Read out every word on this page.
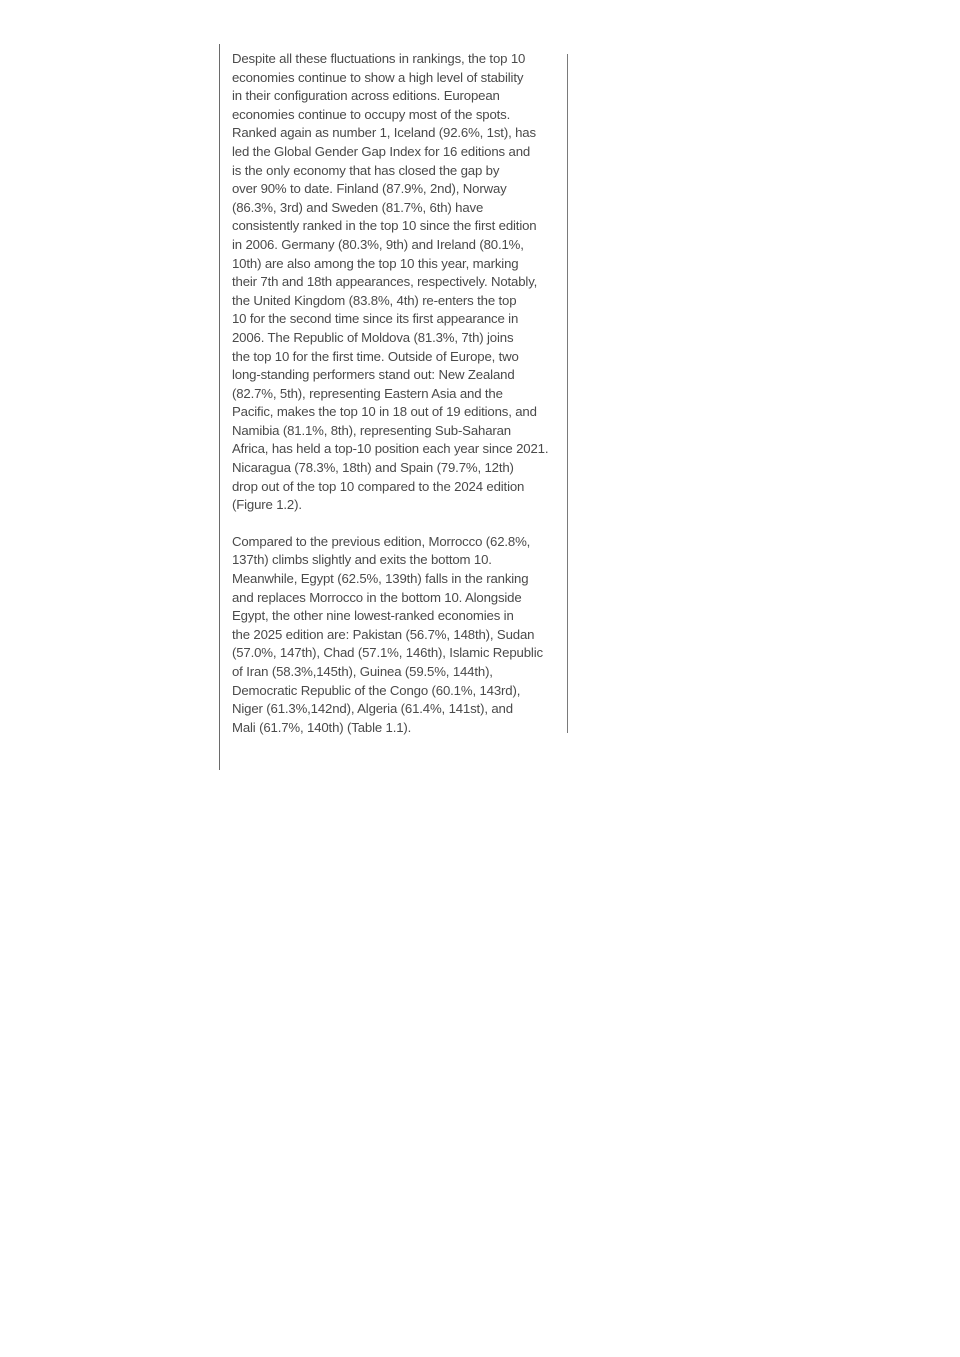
Despite all these fluctuations in rankings, the top 10
economies continue to show a high level of stability
in their configuration across editions. European
economies continue to occupy most of the spots.
Ranked again as number 1, Iceland (92.6%, 1st), has
led the Global Gender Gap Index for 16 editions and
is the only economy that has closed the gap by
over 90% to date. Finland (87.9%, 2nd), Norway
(86.3%, 3rd) and Sweden (81.7%, 6th) have
consistently ranked in the top 10 since the first edition
in 2006. Germany (80.3%, 9th) and Ireland (80.1%,
10th) are also among the top 10 this year, marking
their 7th and 18th appearances, respectively. Notably,
the United Kingdom (83.8%, 4th) re-enters the top
10 for the second time since its first appearance in
2006. The Republic of Moldova (81.3%, 7th) joins
the top 10 for the first time. Outside of Europe, two
long-standing performers stand out: New Zealand
(82.7%, 5th), representing Eastern Asia and the
Pacific, makes the top 10 in 18 out of 19 editions, and
Namibia (81.1%, 8th), representing Sub-Saharan
Africa, has held a top-10 position each year since 2021.
Nicaragua (78.3%, 18th) and Spain (79.7%, 12th)
drop out of the top 10 compared to the 2024 edition
(Figure 1.2).

Compared to the previous edition, Morrocco (62.8%,
137th) climbs slightly and exits the bottom 10.
Meanwhile, Egypt (62.5%, 139th) falls in the ranking
and replaces Morrocco in the bottom 10. Alongside
Egypt, the other nine lowest-ranked economies in
the 2025 edition are: Pakistan (56.7%, 148th), Sudan
(57.0%, 147th), Chad (57.1%, 146th), Islamic Republic
of Iran (58.3%,145th), Guinea (59.5%, 144th),
Democratic Republic of the Congo (60.1%, 143rd),
Niger (61.3%,142nd), Algeria (61.4%, 141st), and
Mali (61.7%, 140th) (Table 1.1).
